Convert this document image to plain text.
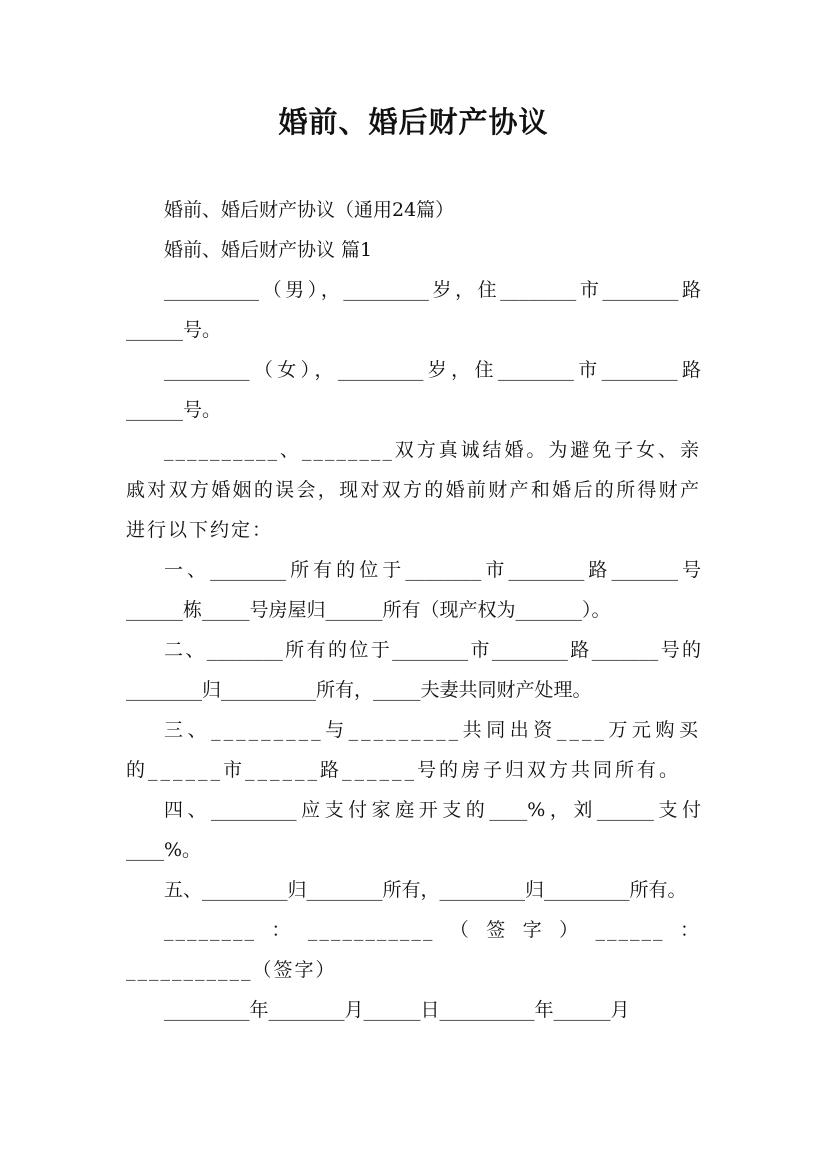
婚前、婚后财产协议

婚前、婚后财产协议（通用24篇）

婚前、婚后财产协议 篇1

__________（男），_________岁，住________市________路______号。

_________（女），_________岁，住________市________路______号。

__________、________双方真诚结婚。为避免子女、亲戚对双方婚姻的误会，现对双方的婚前财产和婚后的所得财产进行以下约定：

一、________所有的位于________市________路_______号______栋_____号房屋归______所有（现产权为_______）。

二、________所有的位于________市________路_______号的________归__________所有，_____夫妻共同财产处理。

三、_________与_________共同出资____万元购买的______市______路______号的房子归双方共同所有。

四、_________应支付家庭开支的____%，刘______支付____%。

五、_________归________所有，_________归_________所有。

________：___________（签字）______：___________（签字）

_________年________月______日__________年______月
